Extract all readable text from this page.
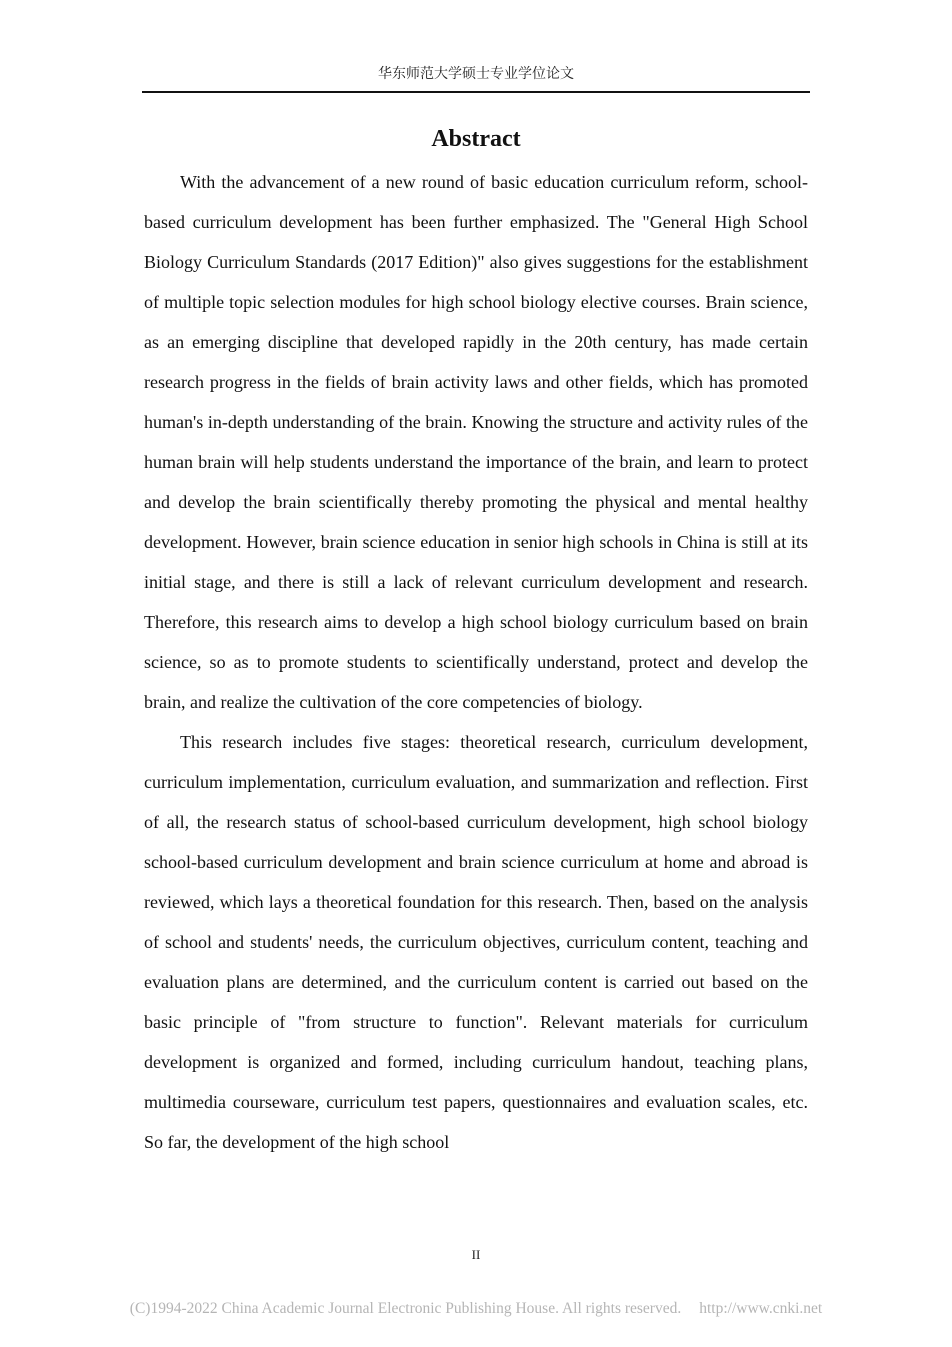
华东师范大学硕士专业学位论文
Abstract

With the advancement of a new round of basic education curriculum reform, school-based curriculum development has been further emphasized. The "General High School Biology Curriculum Standards (2017 Edition)" also gives suggestions for the establishment of multiple topic selection modules for high school biology elective courses. Brain science, as an emerging discipline that developed rapidly in the 20th century, has made certain research progress in the fields of brain activity laws and other fields, which has promoted human's in-depth understanding of the brain. Knowing the structure and activity rules of the human brain will help students understand the importance of the brain, and learn to protect and develop the brain scientifically thereby promoting the physical and mental healthy development. However, brain science education in senior high schools in China is still at its initial stage, and there is still a lack of relevant curriculum development and research. Therefore, this research aims to develop a high school biology curriculum based on brain science, so as to promote students to scientifically understand, protect and develop the brain, and realize the cultivation of the core competencies of biology.

This research includes five stages: theoretical research, curriculum development, curriculum implementation, curriculum evaluation, and summarization and reflection. First of all, the research status of school-based curriculum development, high school biology school-based curriculum development and brain science curriculum at home and abroad is reviewed, which lays a theoretical foundation for this research. Then, based on the analysis of school and students' needs, the curriculum objectives, curriculum content, teaching and evaluation plans are determined, and the curriculum content is carried out based on the basic principle of "from structure to function". Relevant materials for curriculum development is organized and formed, including curriculum handout, teaching plans, multimedia courseware, curriculum test papers, questionnaires and evaluation scales, etc. So far, the development of the high school

II
(C)1994-2022 China Academic Journal Electronic Publishing House. All rights reserved. http://www.cnki.net
